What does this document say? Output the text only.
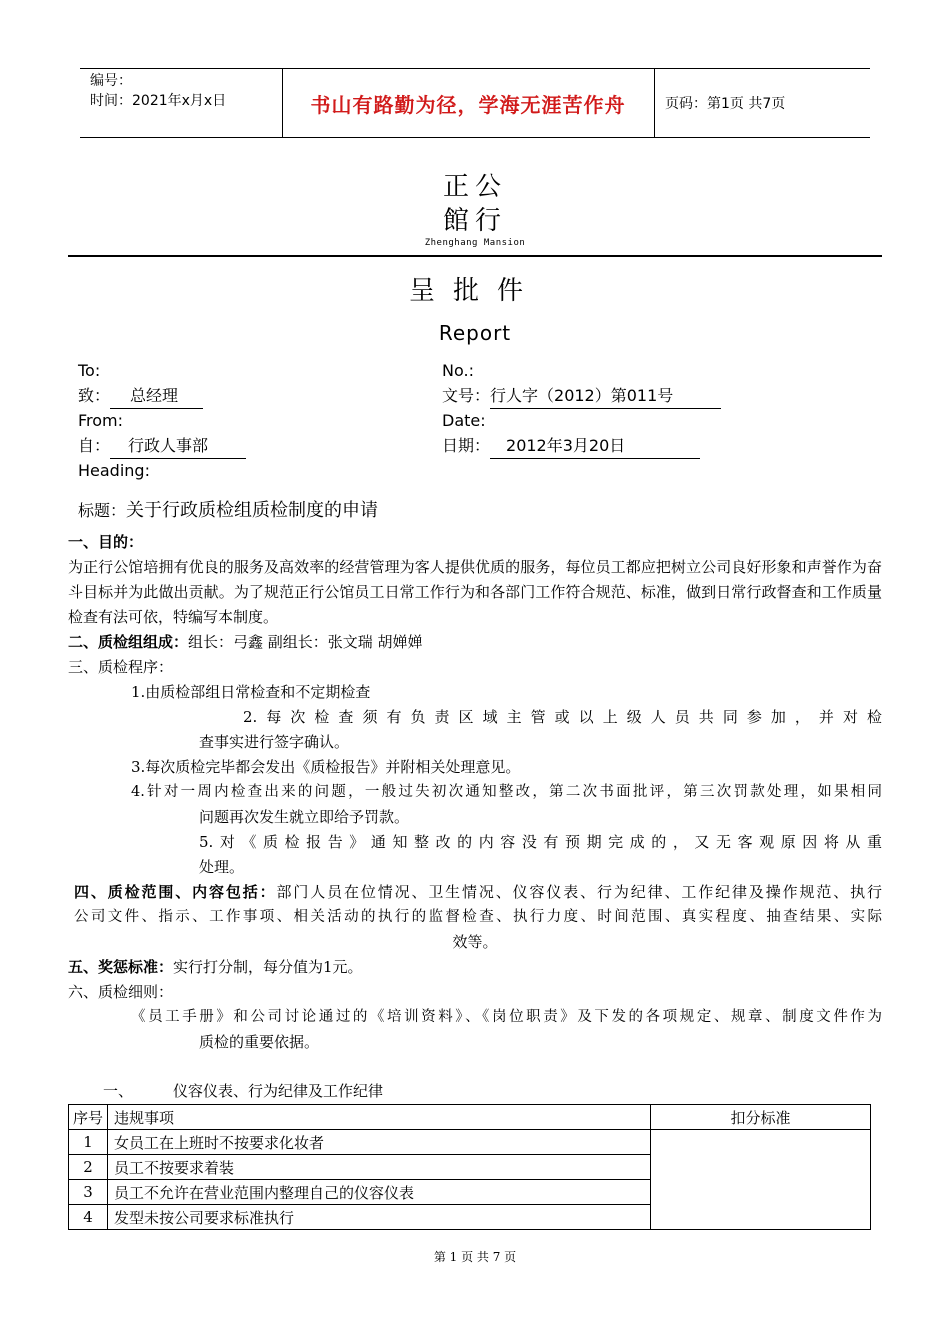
编号：
时间：2021年x月x日	书山有路勤为径，学海无涯苦作舟	页码：第1页 共7页
正公
館行
Zhenghang Mansion
呈批件
Report
To:
致： 总经理
From:
自： 行政人事部
Heading:
No.:
文号：行人字（2012）第011号
Date:
日期： 2012年3月20日
标题：关于行政质检组质检制度的申请

一、目的：

为正行公馆培拥有优良的服务及高效率的经营管理为客人提供优质的服务，每位员工都应把树立公司良好形象和声誉作为奋斗目标并为此做出贡献。为了规范正行公馆员工日常工作行为和各部门工作符合规范、标准，做到日常行政督查和工作质量检查有法可依，特编写本制度。

二、质检组组成：组长：弓鑫 副组长：张文瑞 胡婵婵

三、质检程序：

1.由质检部组日常检查和不定期检查

2.每次检查须有负责区域主管或以上级人员共同参加，并对检

查事实进行签字确认。

3.每次质检完毕都会发出《质检报告》并附相关处理意见。

4.针对一周内检查出来的问题，一般过失初次通知整改，第二次书面批评，第三次罚款处理，如果相同

问题再次发生就立即给予罚款。

5.对《质检报告》通知整改的内容没有预期完成的，又无客观原因将从重

处理。

四、质检范围、内容包括：部门人员在位情况、卫生情况、仪容仪表、行为纪律、工作纪律及操作规范、执行

公司文件、指示、工作事项、相关活动的执行的监督检查、执行力度、时间范围、真实程度、抽查结果、实际

效等。

五、奖惩标准：实行打分制，每分值为1元。

六、质检细则：

《员工手册》和公司讨论通过的《培训资料》、《岗位职责》及下发的各项规定、规章、制度文件作为

质检的重要依据。

一、	仪容仪表、行为纪律及工作纪律
序号	违规事项	扣分标准
1	女员工在上班时不按要求化妆者	
2	员工不按要求着装	
3	员工不允许在营业范围内整理自己的仪容仪表	
4	发型未按公司要求标准执行	
第 1 页 共 7 页
